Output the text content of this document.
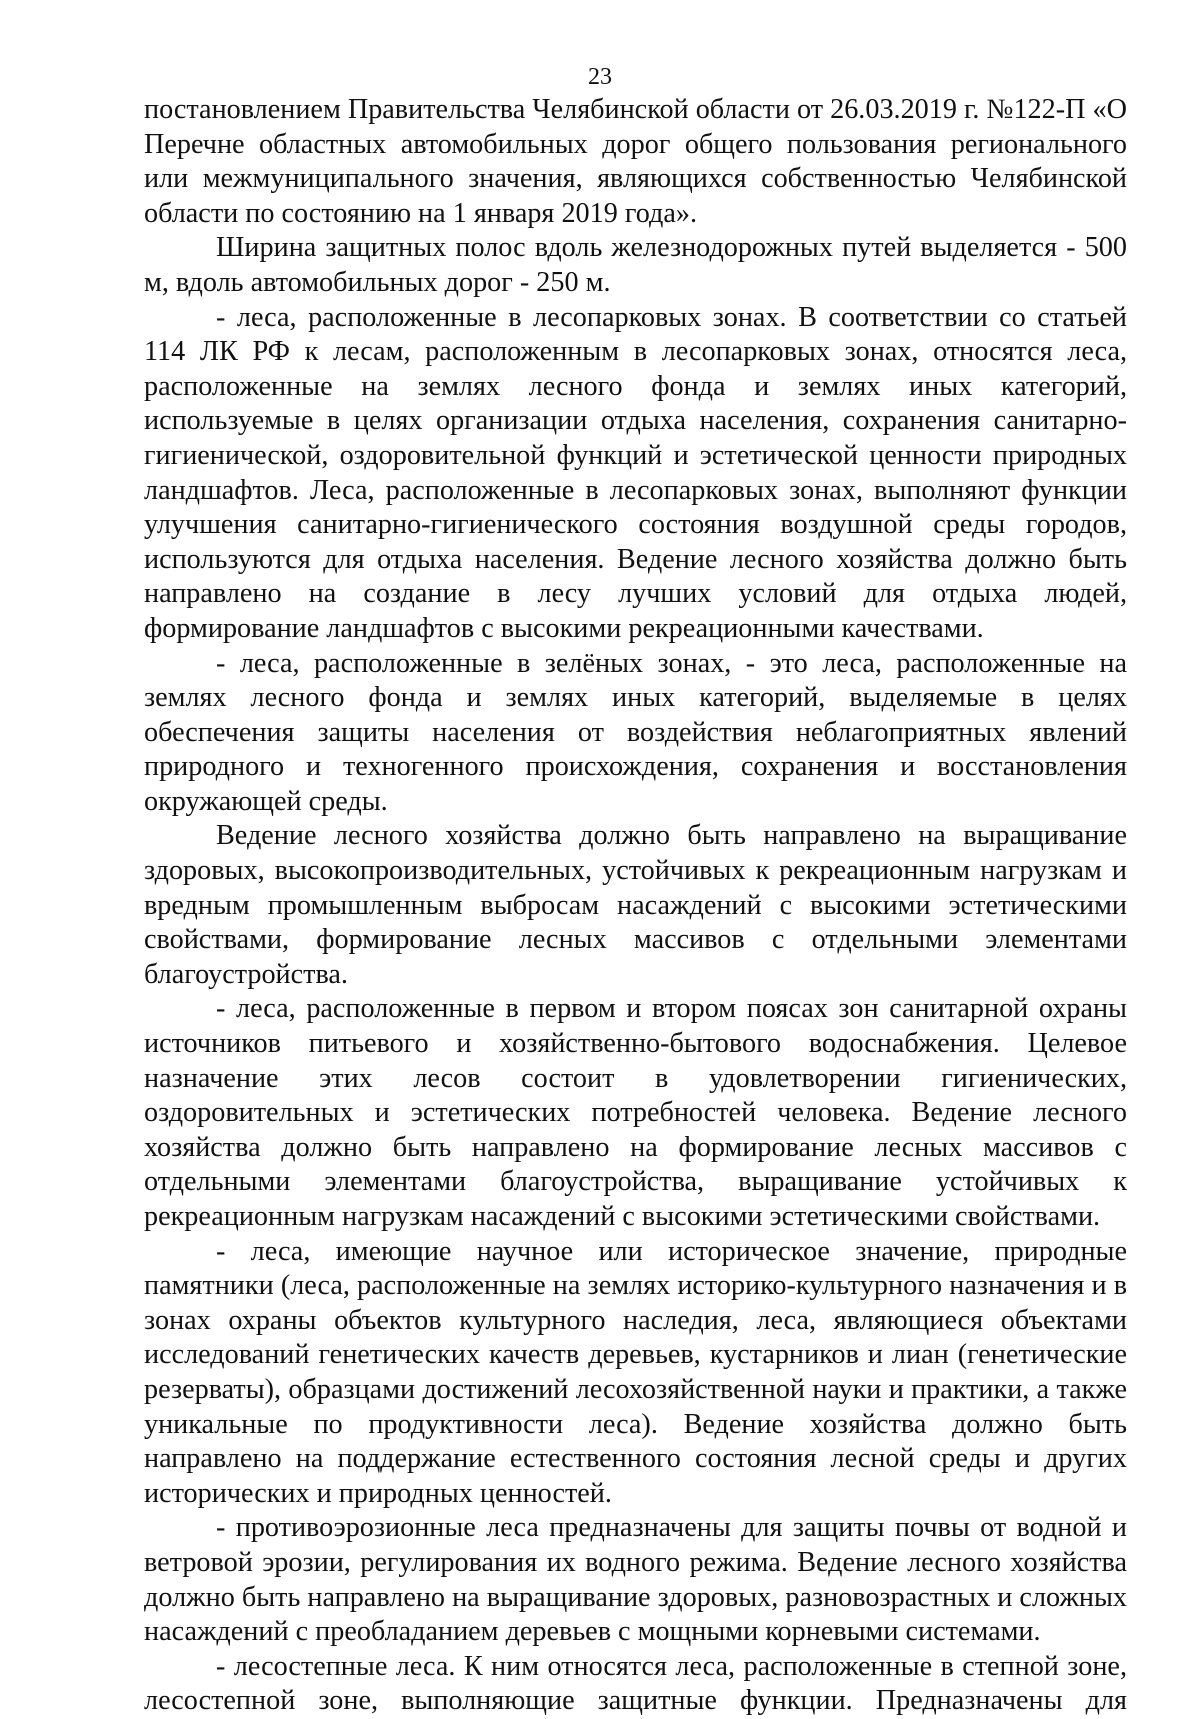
23

постановлением Правительства Челябинской области от 26.03.2019 г. №122-П «О Перечне областных автомобильных дорог общего пользования регионального или межмуниципального значения, являющихся собственностью Челябинской области по состоянию на 1 января 2019 года».

Ширина защитных полос вдоль железнодорожных путей выделяется - 500 м, вдоль автомобильных дорог - 250 м.

- леса, расположенные в лесопарковых зонах. В соответствии со статьей 114 ЛК РФ к лесам, расположенным в лесопарковых зонах, относятся леса, расположенные на землях лесного фонда и землях иных категорий, используемые в целях организации отдыха населения, сохранения санитарно-гигиенической, оздоровительной функций и эстетической ценности природных ландшафтов. Леса, расположенные в лесопарковых зонах, выполняют функции улучшения санитарно-гигиенического состояния воздушной среды городов, используются для отдыха населения. Ведение лесного хозяйства должно быть направлено на создание в лесу лучших условий для отдыха людей, формирование ландшафтов с высокими рекреационными качествами.

- леса, расположенные в зелёных зонах, - это леса, расположенные на землях лесного фонда и землях иных категорий, выделяемые в целях обеспечения защиты населения от воздействия неблагоприятных явлений природного и техногенного происхождения, сохранения и восстановления окружающей среды.

Ведение лесного хозяйства должно быть направлено на выращивание здоровых, высокопроизводительных, устойчивых к рекреационным нагрузкам и вредным промышленным выбросам насаждений с высокими эстетическими свойствами, формирование лесных массивов с отдельными элементами благоустройства.

- леса, расположенные в первом и втором поясах зон санитарной охраны источников питьевого и хозяйственно-бытового водоснабжения. Целевое назначение этих лесов состоит в удовлетворении гигиенических, оздоровительных и эстетических потребностей человека. Ведение лесного хозяйства должно быть направлено на формирование лесных массивов с отдельными элементами благоустройства, выращивание устойчивых к рекреационным нагрузкам насаждений с высокими эстетическими свойствами.

- леса, имеющие научное или историческое значение, природные памятники (леса, расположенные на землях историко-культурного назначения и в зонах охраны объектов культурного наследия, леса, являющиеся объектами исследований генетических качеств деревьев, кустарников и лиан (генетические резерваты), образцами достижений лесохозяйственной науки и практики, а также уникальные по продуктивности леса). Ведение хозяйства должно быть направлено на поддержание естественного состояния лесной среды и других исторических и природных ценностей.

- противоэрозионные леса предназначены для защиты почвы от водной и ветровой эрозии, регулирования их водного режима. Ведение лесного хозяйства должно быть направлено на выращивание здоровых, разновозрастных и сложных насаждений с преобладанием деревьев с мощными корневыми системами.

- лесостепные леса. К ним относятся леса, расположенные в степной зоне, лесостепной зоне, выполняющие защитные функции. Предназначены для
